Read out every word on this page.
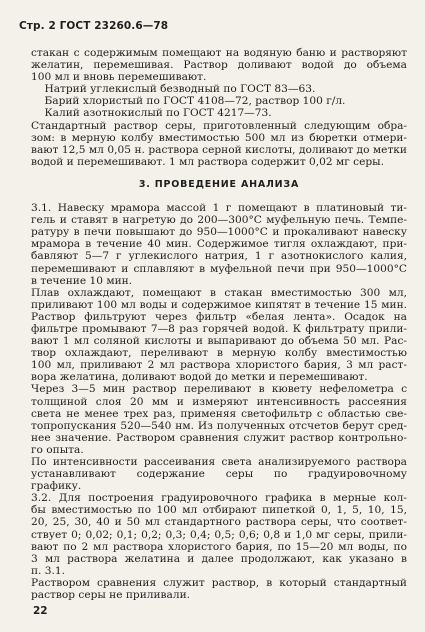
Стр. 2 ГОСТ 23260.6—78
стакан с содержимым помещают на водяную баню и растворяют
желатин, перемешивая. Раствор доливают водой до объема
100 мл и вновь перемешивают.
Натрий углекислый безводный по ГОСТ 83—63.
Барий хлористый по ГОСТ 4108—72, раствор 100 г/л.
Калий азотнокислый по ГОСТ 4217—73.
Стандартный раствор серы, приготовленный следующим обра-
зом: в мерную колбу вместимостью 500 мл из бюретки отмери-
вают 12,5 мл 0,05 н. раствора серной кислоты, доливают до метки
водой и перемешивают. 1 мл раствора содержит 0,02 мг серы.
3. ПРОВЕДЕНИЕ АНАЛИЗА
3.1. Навеску мрамора массой 1 г помещают в платиновый ти-
гель и ставят в нагретую до 200—300°С муфельную печь. Темпе-
ратуру в печи повышают до 950—1000°С и прокаливают навеску
мрамора в течение 40 мин. Содержимое тигля охлаждают, при-
бавляют 5—7 г углекислого натрия, 1 г азотнокислого калия,
перемешивают и сплавляют в муфельной печи при 950—1000°С
в течение 10 мин.
Плав охлаждают, помещают в стакан вместимостью 300 мл,
приливают 100 мл воды и содержимое кипятят в течение 15 мин.
Раствор фильтруют через фильтр «белая лента». Осадок на
фильтре промывают 7—8 раз горячей водой. К фильтрату прили-
вают 1 мл соляной кислоты и выпаривают до объема 50 мл. Рас-
твор охлаждают, переливают в мерную колбу вместимостью
100 мл, приливают 2 мл раствора хлористого бария, 3 мл раст-
вора желатина, доливают водой до метки и перемешивают.
Через 3—5 мин раствор переливают в кювету нефелометра с
толщиной слоя 20 мм и измеряют интенсивность рассеяния
света не менее трех раз, применяя светофильтр с областью све-
топропускания 520—540 нм. Из полученных отсчетов берут сред-
нее значение. Раствором сравнения служит раствор контрольно-
го опыта.
По интенсивности рассеивания света анализируемого раствора
устанавливают содержание серы по градуировочному
графику.
3.2. Для построения градуировочного графика в мерные кол-
бы вместимостью по 100 мл отбирают пипеткой 0, 1, 5, 10, 15,
20, 25, 30, 40 и 50 мл стандартного раствора серы, что соответ-
ствует 0; 0,02; 0,1; 0,2; 0,3; 0,4; 0,5; 0,6; 0,8 и 1,0 мг серы, прили-
вают по 2 мл раствора хлористого бария, по 15—20 мл воды, по
3 мл раствора желатина и далее продолжают, как указано в
п. 3.1.
Раствором сравнения служит раствор, в который стандартный
раствор серы не приливали.
22
